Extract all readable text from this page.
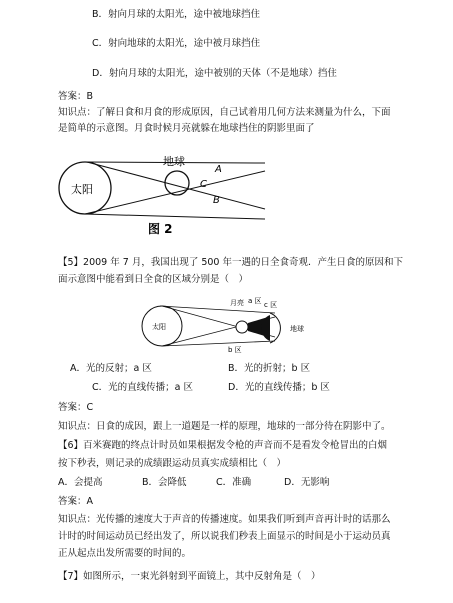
B．射向月球的太阳光，途中被地球挡住
C．射向地球的太阳光，途中被月球挡住
D．射向月球的太阳光，途中被别的天体（不是地球）挡住
答案：B
知识点：了解日食和月食的形成原因，自己试着用几何方法来测量为什么，下面
是简单的示意图。月食时候月亮就躲在地球挡住的阴影里面了
太阳
地球
A
C
B
图 2
【5】2009 年 7 月，我国出现了 500 年一遇的日全食奇观．产生日食的原因和下
面示意图中能看到日全食的区域分别是（　）
太阳
月亮 a 区 c 区
地球
b 区
A．光的反射；a 区	B．光的折射；b 区
C．光的直线传播；a 区	D．光的直线传播；b 区
答案：C
知识点：日食的成因，跟上一道题是一样的原理，地球的一部分待在阴影中了。
【6】百米赛跑的终点计时员如果根据发令枪的声音而不是看发令枪冒出的白烟
按下秒表，则记录的成绩跟运动员真实成绩相比（　）
A．会提高	B．会降低	C．准确	D．无影响
答案：A
知识点：光传播的速度大于声音的传播速度。如果我们听到声音再计时的话那么
计时的时间运动员已经出发了，所以说我们秒表上面显示的时间是小于运动员真
正从起点出发所需要的时间的。
【7】如图所示，一束光斜射到平面镜上，其中反射角是（　）
